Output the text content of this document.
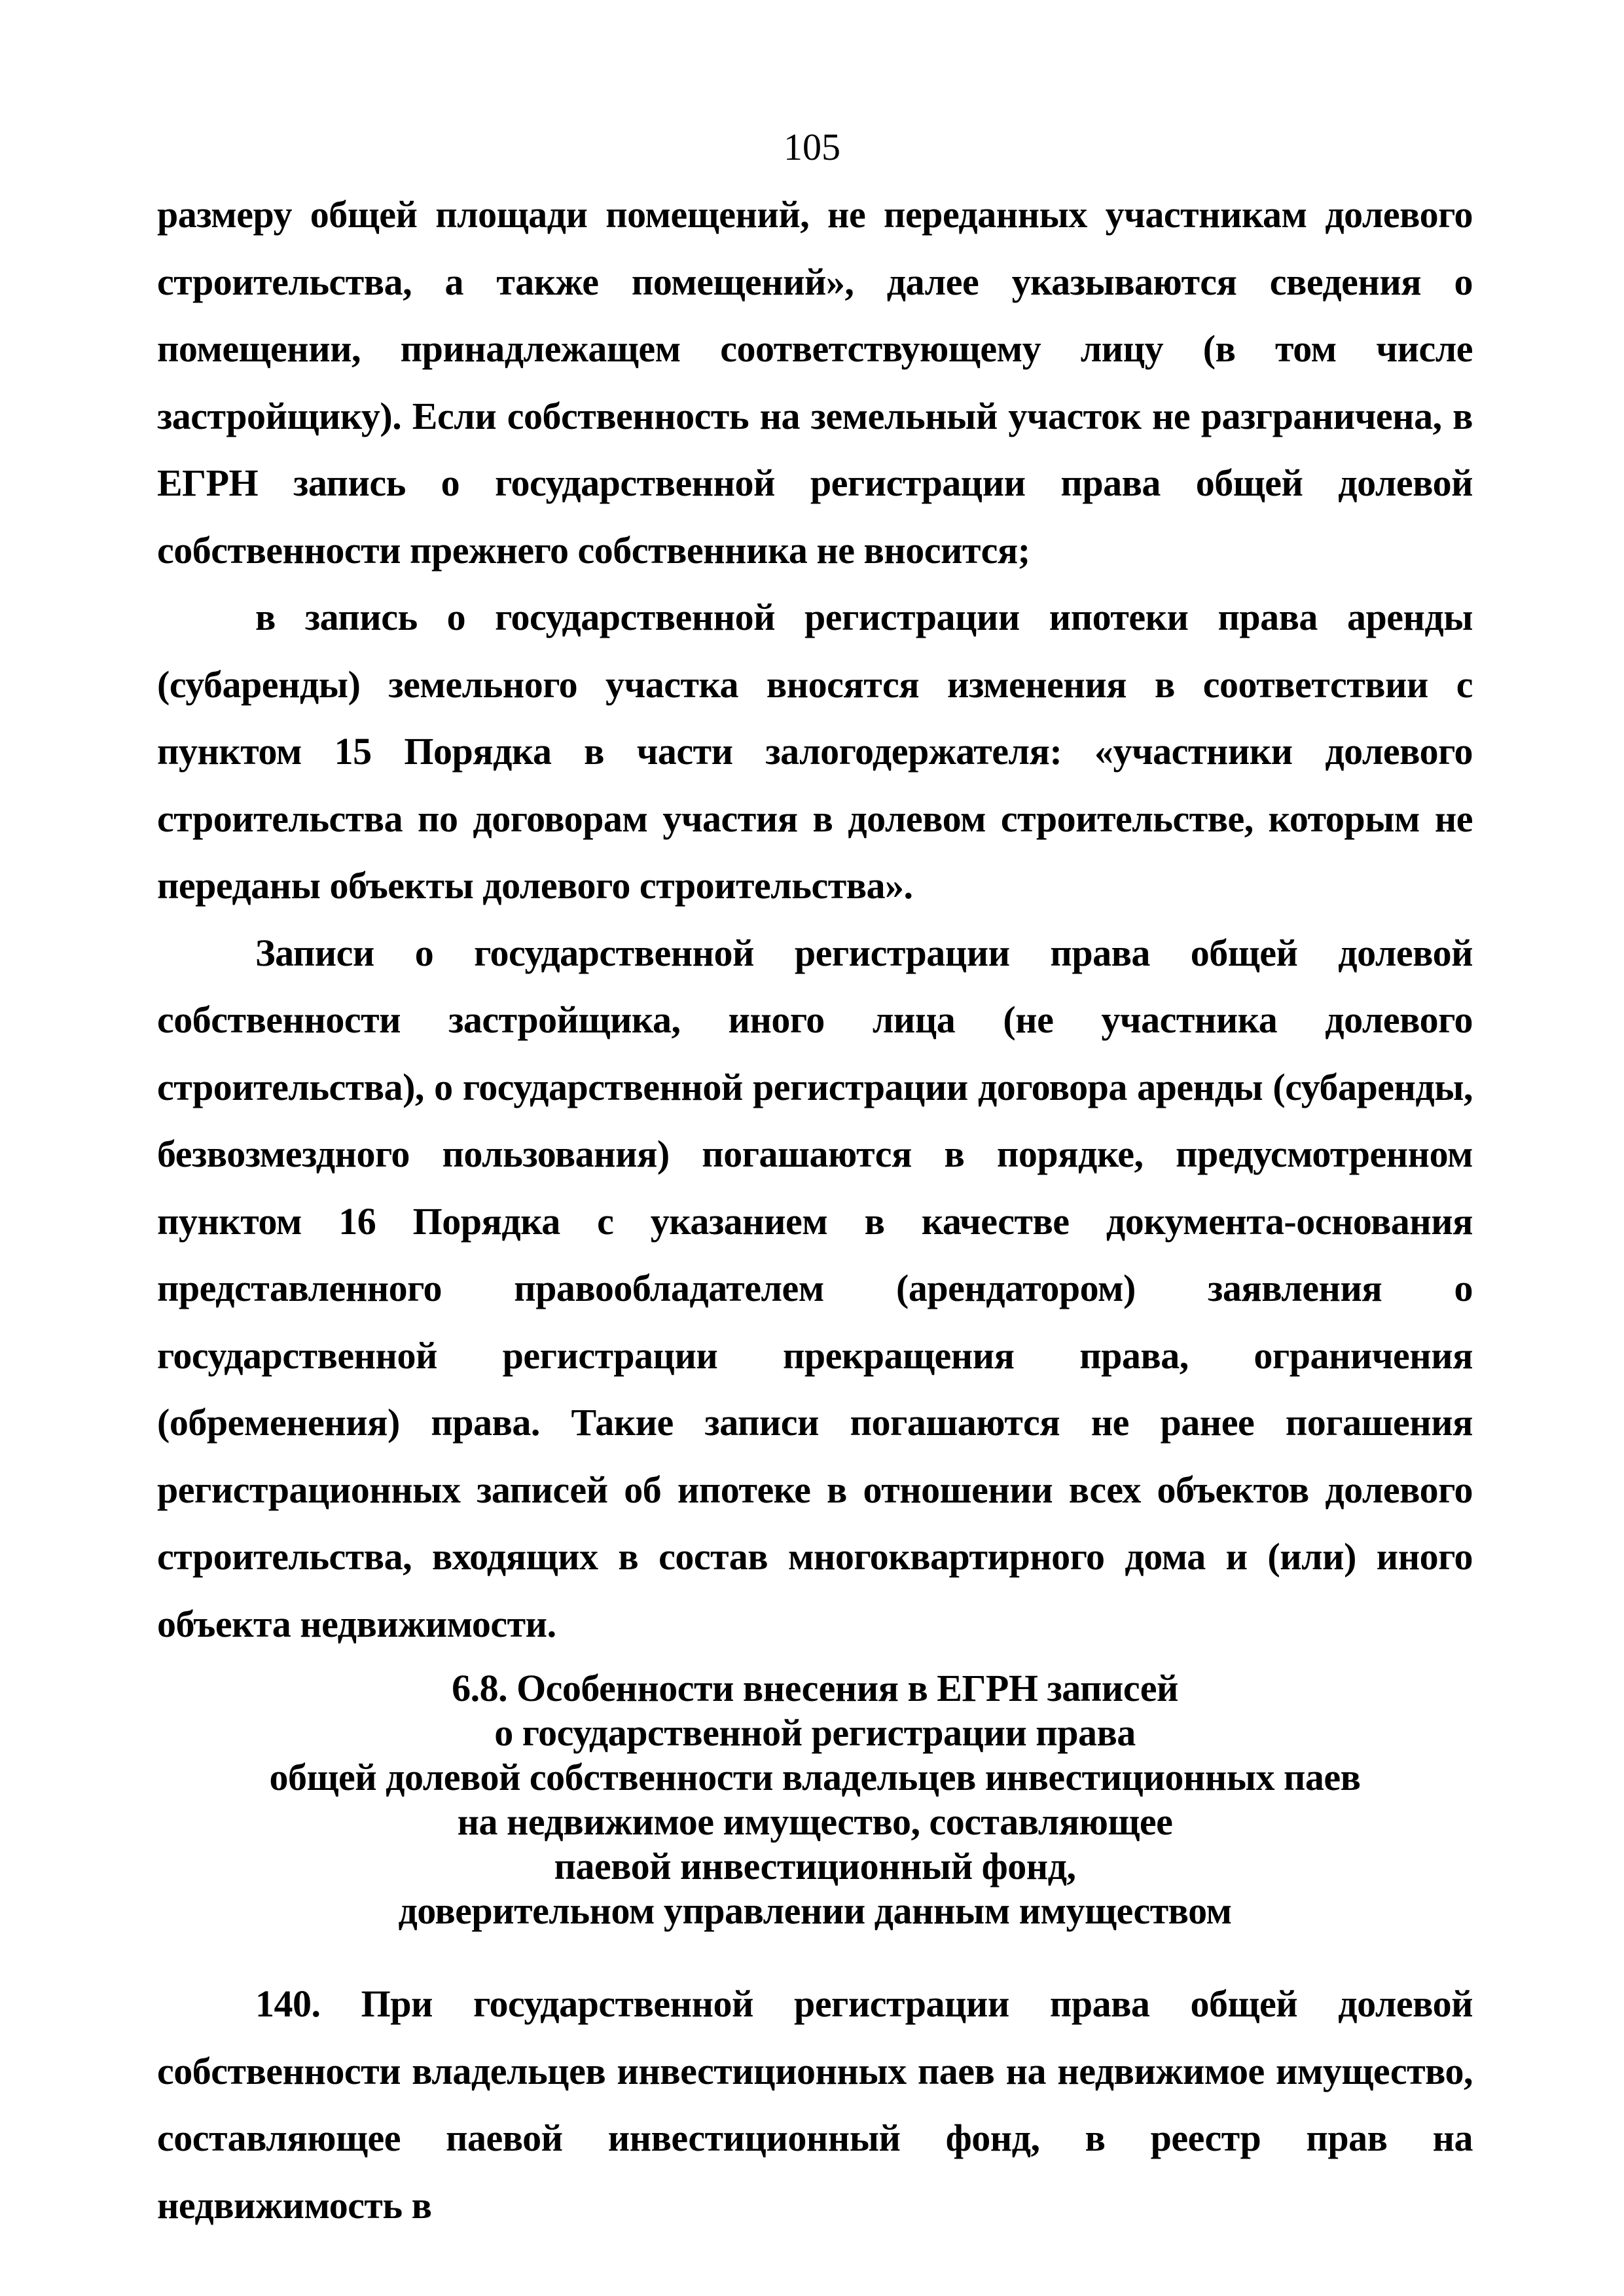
105

размеру общей площади помещений, не переданных участникам долевого строительства, а также помещений», далее указываются сведения о помещении, принадлежащем соответствующему лицу (в том числе застройщику). Если собственность на земельный участок не разграничена, в ЕГРН запись о государственной регистрации права общей долевой собственности прежнего собственника не вносится;

в запись о государственной регистрации ипотеки права аренды (субаренды) земельного участка вносятся изменения в соответствии с пунктом 15 Порядка в части залогодержателя: «участники долевого строительства по договорам участия в долевом строительстве, которым не переданы объекты долевого строительства».

Записи о государственной регистрации права общей долевой собственности застройщика, иного лица (не участника долевого строительства), о государственной регистрации договора аренды (субаренды, безвозмездного пользования) погашаются в порядке, предусмотренном пунктом 16 Порядка с указанием в качестве документа-основания представленного правообладателем (арендатором) заявления о государственной регистрации прекращения права, ограничения (обременения) права. Такие записи погашаются не ранее погашения регистрационных записей об ипотеке в отношении всех объектов долевого строительства, входящих в состав многоквартирного дома и (или) иного объекта недвижимости.

6.8. Особенности внесения в ЕГРН записей
о государственной регистрации права
общей долевой собственности владельцев инвестиционных паев
на недвижимое имущество, составляющее
паевой инвестиционный фонд,
доверительном управлении данным имуществом

140. При государственной регистрации права общей долевой собственности владельцев инвестиционных паев на недвижимое имущество, составляющее паевой инвестиционный фонд, в реестр прав на недвижимость в
